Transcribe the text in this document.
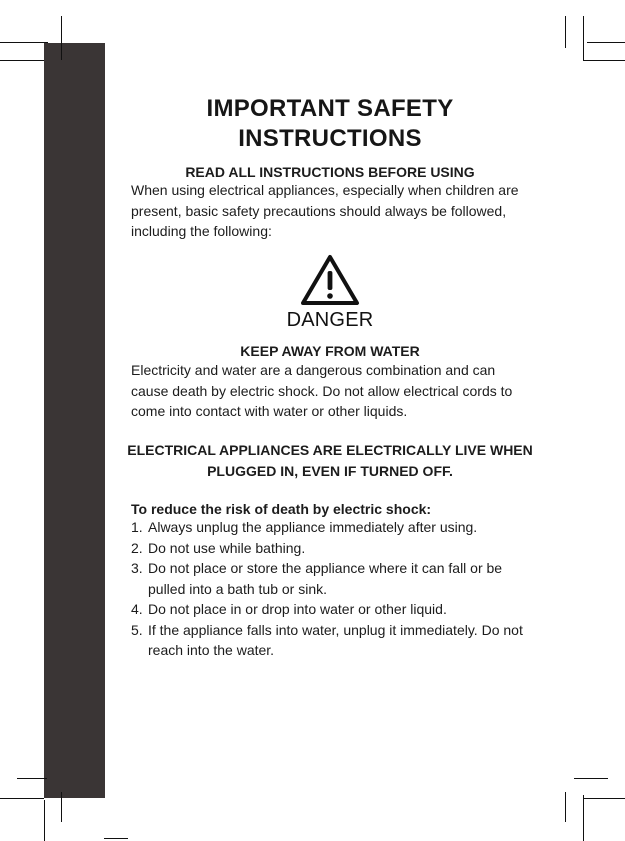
IMPORTANT SAFETY
INSTRUCTIONS
READ ALL INSTRUCTIONS BEFORE USING
When using electrical appliances, especially when children are
present, basic safety precautions should always be followed,
including the following:
DANGER
KEEP AWAY FROM WATER
Electricity and water are a dangerous combination and can
cause death by electric shock. Do not allow electrical cords to
come into contact with water or other liquids.
ELECTRICAL APPLIANCES ARE ELECTRICALLY LIVE WHEN
PLUGGED IN, EVEN IF TURNED OFF.
To reduce the risk of death by electric shock:
1. Always unplug the appliance immediately after using.
2. Do not use while bathing.
3. Do not place or store the appliance where it can fall or be
pulled into a bath tub or sink.
4. Do not place in or drop into water or other liquid.
5. If the appliance falls into water, unplug it immediately. Do not
reach into the water.
